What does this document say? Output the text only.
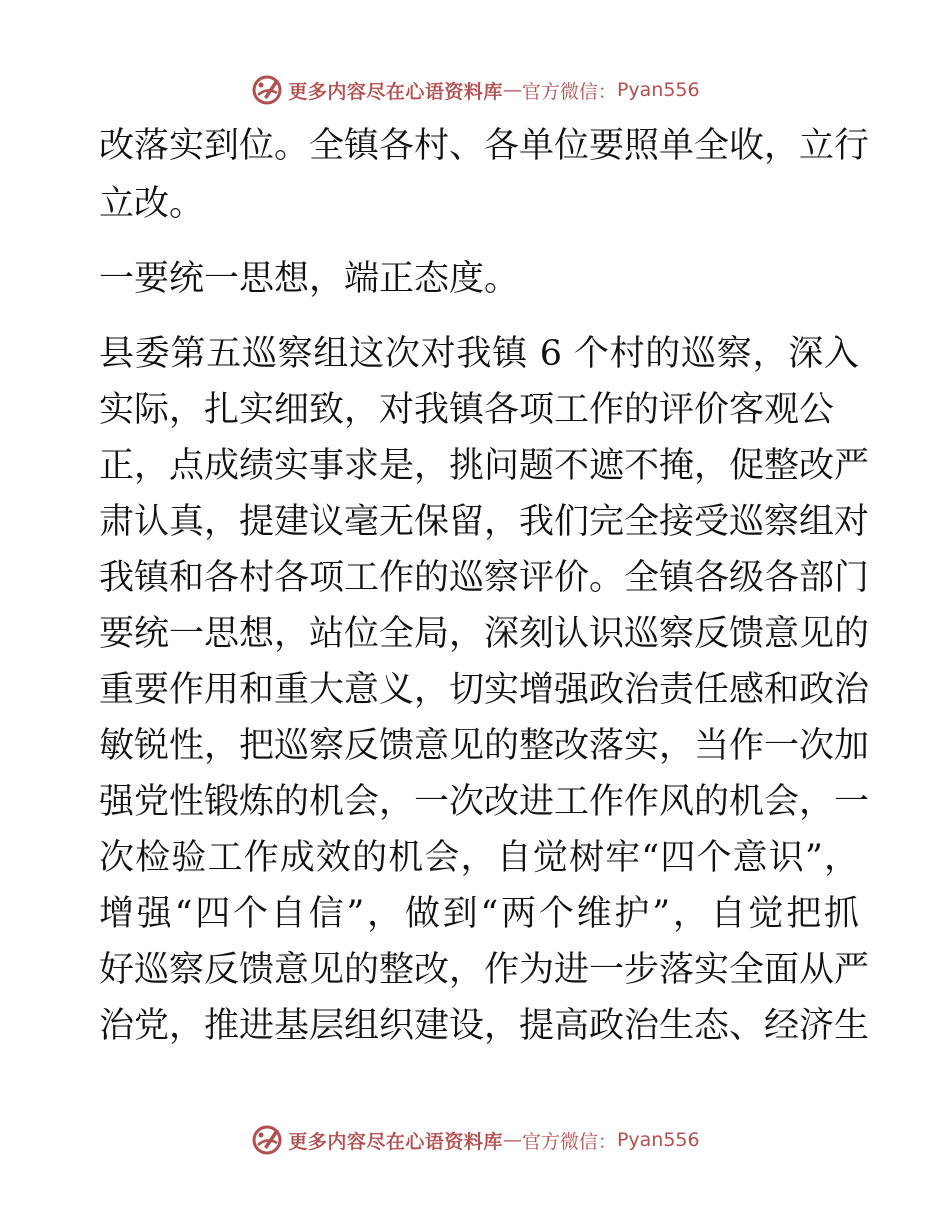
更多内容尽在心语资料库 — 官方微信： Pyan556
改落实到位。全镇各村、各单位要照单全收，立行
立改。
一要统一思想，端正态度。
县委第五巡察组这次对我镇 6 个村的巡察，深入
实际，扎实细致，对我镇各项工作的评价客观公
正，点成绩实事求是，挑问题不遮不掩，促整改严
肃认真，提建议毫无保留，我们完全接受巡察组对
我镇和各村各项工作的巡察评价。全镇各级各部门
要统一思想，站位全局，深刻认识巡察反馈意见的
重要作用和重大意义，切实增强政治责任感和政治
敏锐性，把巡察反馈意见的整改落实，当作一次加
强党性锻炼的机会，一次改进工作作风的机会，一
次检验工作成效的机会，自觉树牢“四个意识”，
增强“四个自信”，做到“两个维护”，自觉把抓
好巡察反馈意见的整改，作为进一步落实全面从严
治党，推进基层组织建设，提高政治生态、经济生
更多内容尽在心语资料库 — 官方微信： Pyan556
